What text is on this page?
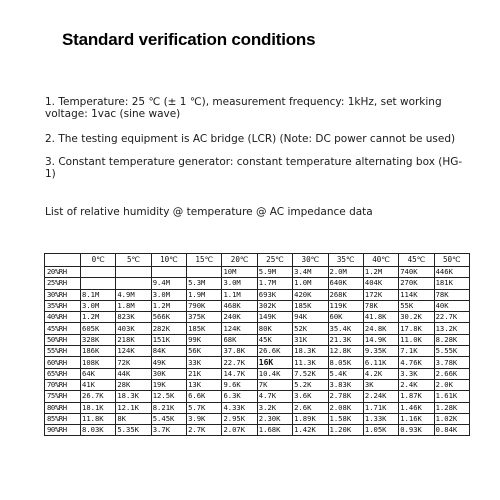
Standard verification conditions
1. Temperature: 25 ℃ (± 1 ℃), measurement frequency: 1kHz, set working voltage: 1vac (sine wave)
2. The testing equipment is AC bridge (LCR) (Note: DC power cannot be used)
3. Constant temperature generator: constant temperature alternating box (HG-1)
List of relative humidity @ temperature @ AC impedance data
	0℃	5℃	10℃	15℃	20℃	25℃	30℃	35℃	40℃	45℃	50℃
20%RH					10M	5.9M	3.4M	2.0M	1.2M	740K	446K
25%RH			9.4M	5.3M	3.0M	1.7M	1.0M	640K	404K	270K	181K
30%RH	8.1M	4.9M	3.0M	1.9M	1.1M	693K	420K	268K	172K	114K	78K
35%RH	3.0M	1.8M	1.2M	790K	468K	302K	185K	119K	78K	55K	40K
40%RH	1.2M	823K	566K	375K	240K	149K	94K	60K	41.8K	30.2K	22.7K
45%RH	605K	403K	282K	185K	124K	80K	52K	35.4K	24.8K	17.8K	13.2K
50%RH	328K	218K	151K	99K	68K	45K	31K	21.3K	14.9K	11.0K	8.28K
55%RH	186K	124K	84K	56K	37.8K	26.6K	18.3K	12.8K	9.35K	7.1K	5.55K
60%RH	108K	72K	49K	33K	22.7K	16K	11.3K	8.05K	6.11K	4.76K	3.78K
65%RH	64K	44K	30K	21K	14.7K	10.4K	7.52K	5.4K	4.2K	3.3K	2.66K
70%RH	41K	28K	19K	13K	9.6K	7K	5.2K	3.83K	3K	2.4K	2.0K
75%RH	26.7K	18.3K	12.5K	6.6K	6.3K	4.7K	3.6K	2.78K	2.24K	1.87K	1.61K
80%RH	18.1K	12.1K	8.21K	5.7K	4.33K	3.2K	2.6K	2.08K	1.71K	1.46K	1.28K
85%RH	11.8K	8K	5.45K	3.9K	2.95K	2.30K	1.89K	1.58K	1.33K	1.16K	1.02K
90%RH	8.03K	5.35K	3.7K	2.7K	2.07K	1.68K	1.42K	1.20K	1.05K	0.93K	0.84K
